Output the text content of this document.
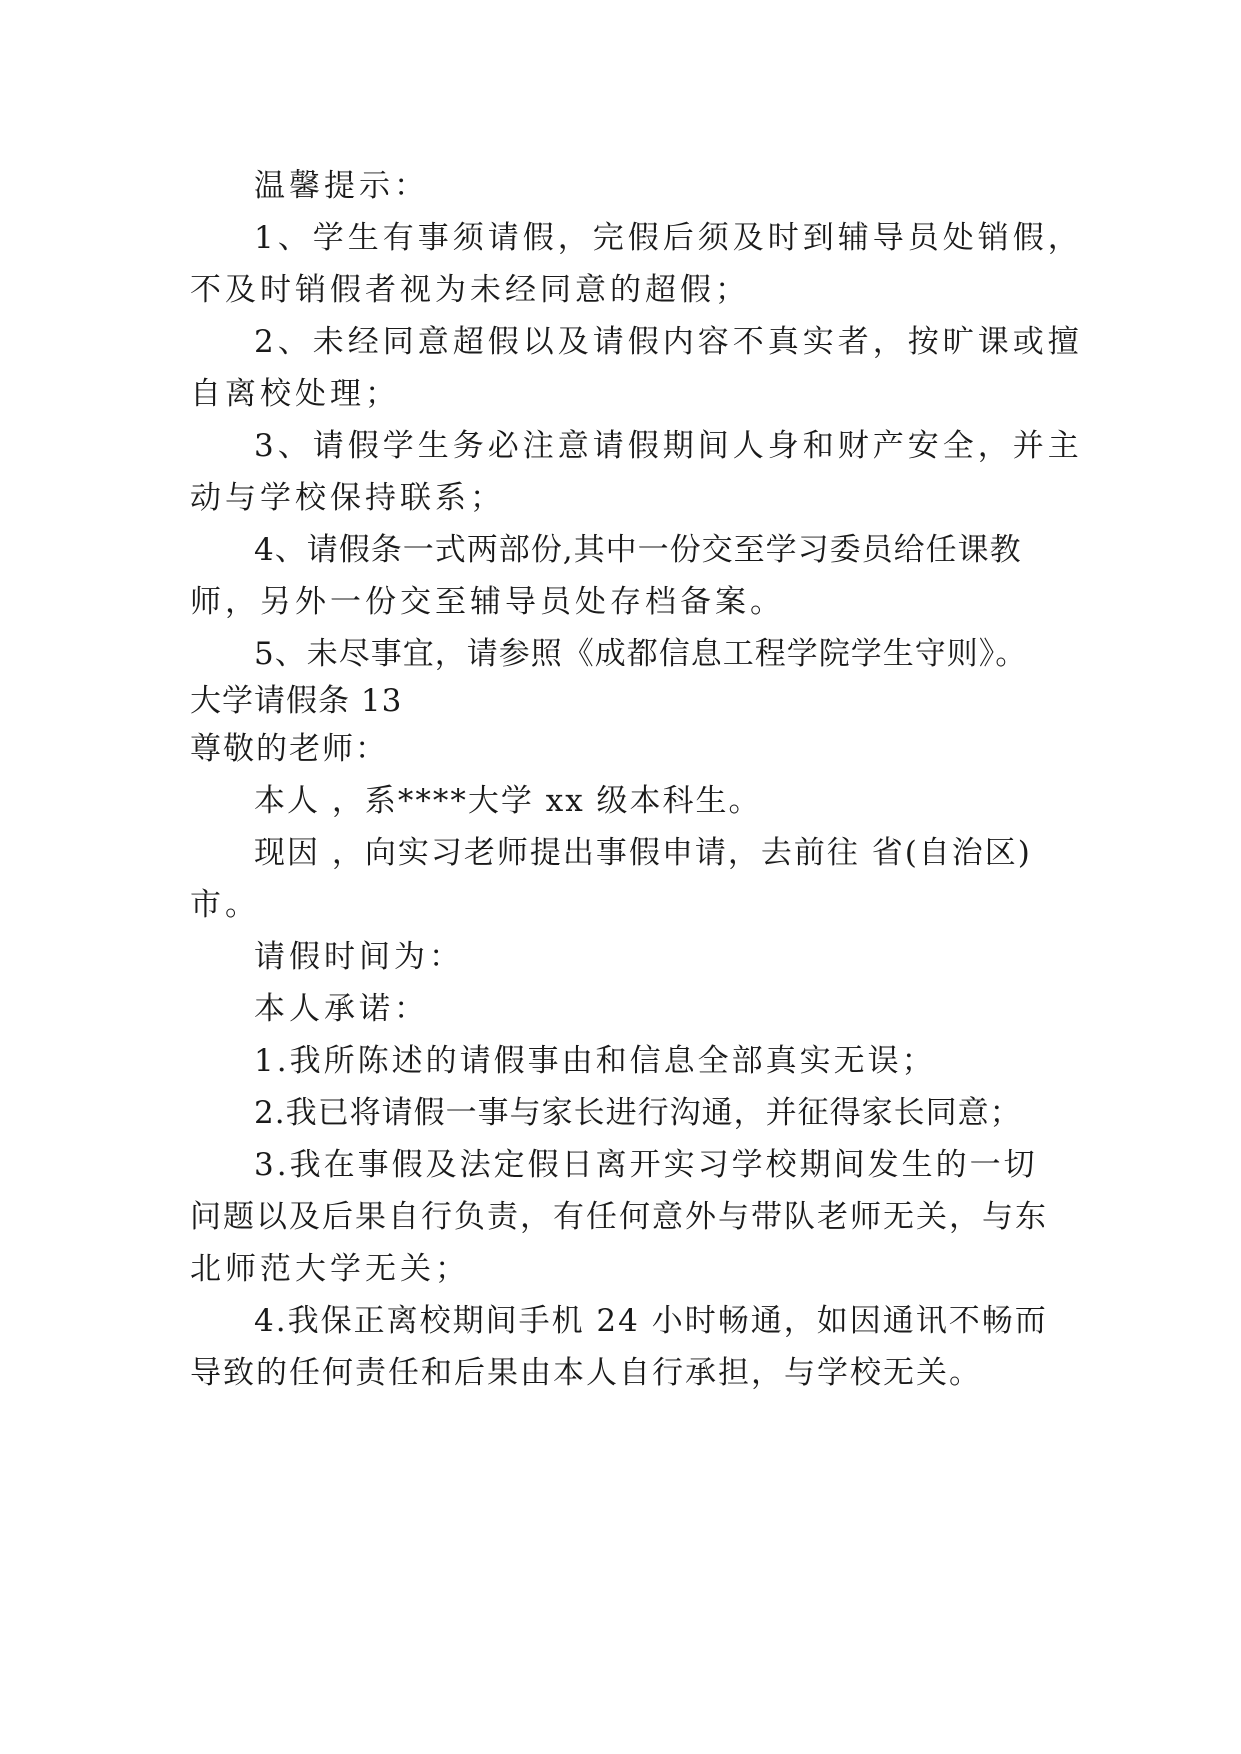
温馨提示：
1、学生有事须请假，完假后须及时到辅导员处销假，
不及时销假者视为未经同意的超假；
2、未经同意超假以及请假内容不真实者，按旷课或擅
自离校处理；
3、请假学生务必注意请假期间人身和财产安全，并主
动与学校保持联系；
4、请假条一式两部份,其中一份交至学习委员给任课教
师，另外一份交至辅导员处存档备案。
5、未尽事宜，请参照《成都信息工程学院学生守则》。
大学请假条 13
尊敬的老师：
本人 ，系****大学 xx 级本科生。
现因 ，向实习老师提出事假申请，去前往 省(自治区)
市。
请假时间为：
本人承诺：
1.我所陈述的请假事由和信息全部真实无误；
2.我已将请假一事与家长进行沟通，并征得家长同意；
3.我在事假及法定假日离开实习学校期间发生的一切
问题以及后果自行负责，有任何意外与带队老师无关，与东
北师范大学无关；
4.我保正离校期间手机 24 小时畅通，如因通讯不畅而
导致的任何责任和后果由本人自行承担，与学校无关。
